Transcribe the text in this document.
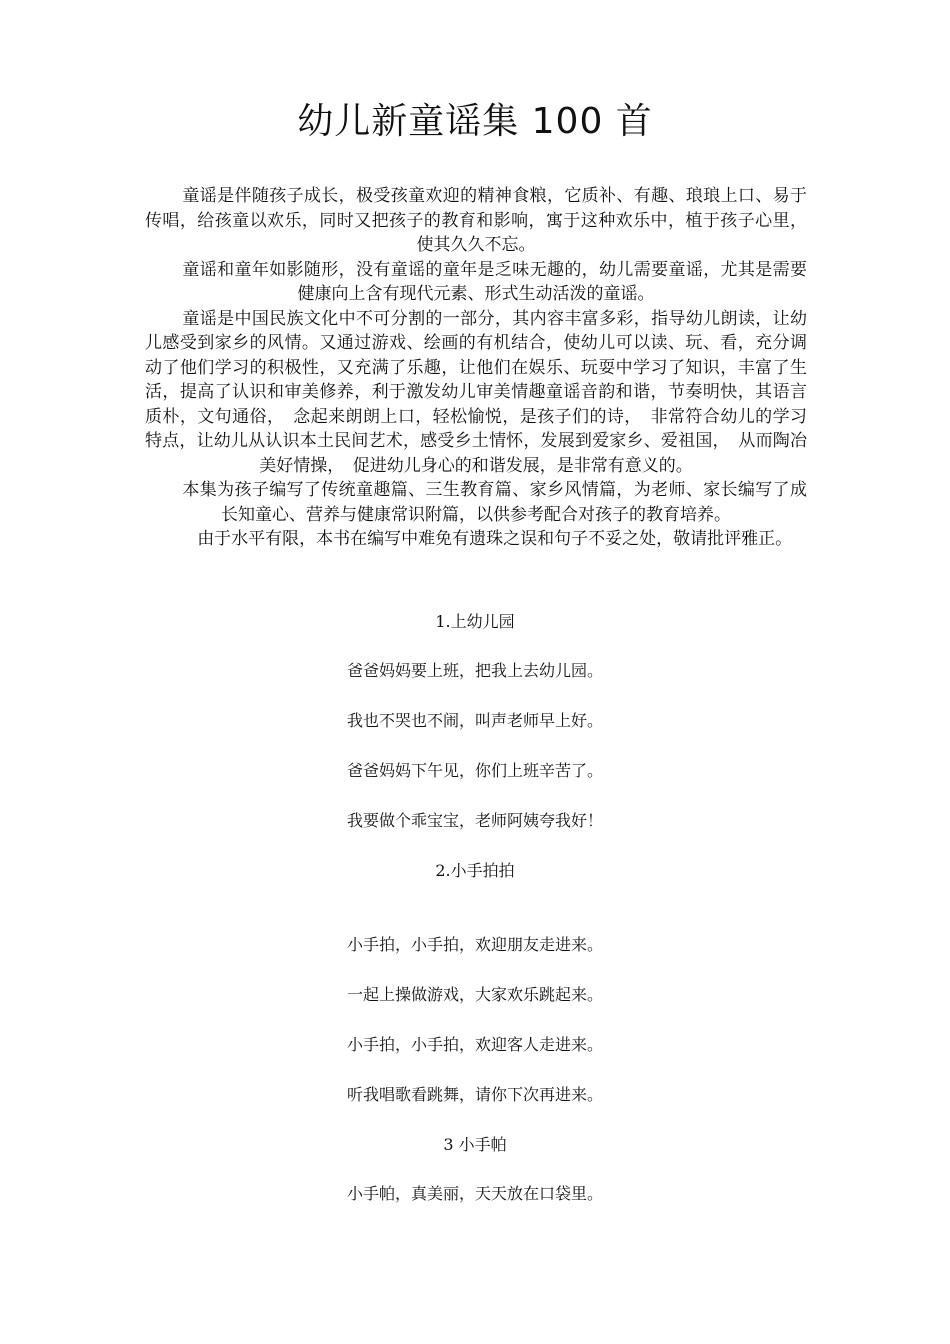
幼儿新童谣集 100 首

童谣是伴随孩子成长，极受孩童欢迎的精神食粮，它质补、有趣、琅琅上口、易于传唱，给孩童以欢乐，同时又把孩子的教育和影响，寓于这种欢乐中，植于孩子心里，使其久久不忘。

童谣和童年如影随形，没有童谣的童年是乏味无趣的，幼儿需要童谣，尤其是需要健康向上含有现代元素、形式生动活泼的童谣。

童谣是中国民族文化中不可分割的一部分，其内容丰富多彩，指导幼儿朗读，让幼儿感受到家乡的风情。又通过游戏、绘画的有机结合，使幼儿可以读、玩、看，充分调动了他们学习的积极性，又充满了乐趣，让他们在娱乐、玩耍中学习了知识，丰富了生活，提高了认识和审美修养，利于激发幼儿审美情趣童谣音韵和谐，节奏明快，其语言质朴，文句通俗，　念起来朗朗上口，轻松愉悦，是孩子们的诗，　非常符合幼儿的学习特点，让幼儿从认识本土民间艺术，感受乡土情怀，发展到爱家乡、爱祖国，　从而陶冶美好情操，　促进幼儿身心的和谐发展，是非常有意义的。

本集为孩子编写了传统童趣篇、三生教育篇、家乡风情篇，为老师、家长编写了成长知童心、营养与健康常识附篇，以供参考配合对孩子的教育培养。

由于水平有限，本书在编写中难免有遗珠之误和句子不妥之处，敬请批评雅正。

1.上幼儿园
爸爸妈妈要上班，把我上去幼儿园。
我也不哭也不闹，叫声老师早上好。
爸爸妈妈下午见，你们上班辛苦了。
我要做个乖宝宝，老师阿姨夸我好！
2.小手拍拍
小手拍，小手拍，欢迎朋友走进来。
一起上操做游戏，大家欢乐跳起来。
小手拍，小手拍，欢迎客人走进来。
听我唱歌看跳舞，请你下次再进来。
3 小手帕
小手帕，真美丽，天天放在口袋里。
